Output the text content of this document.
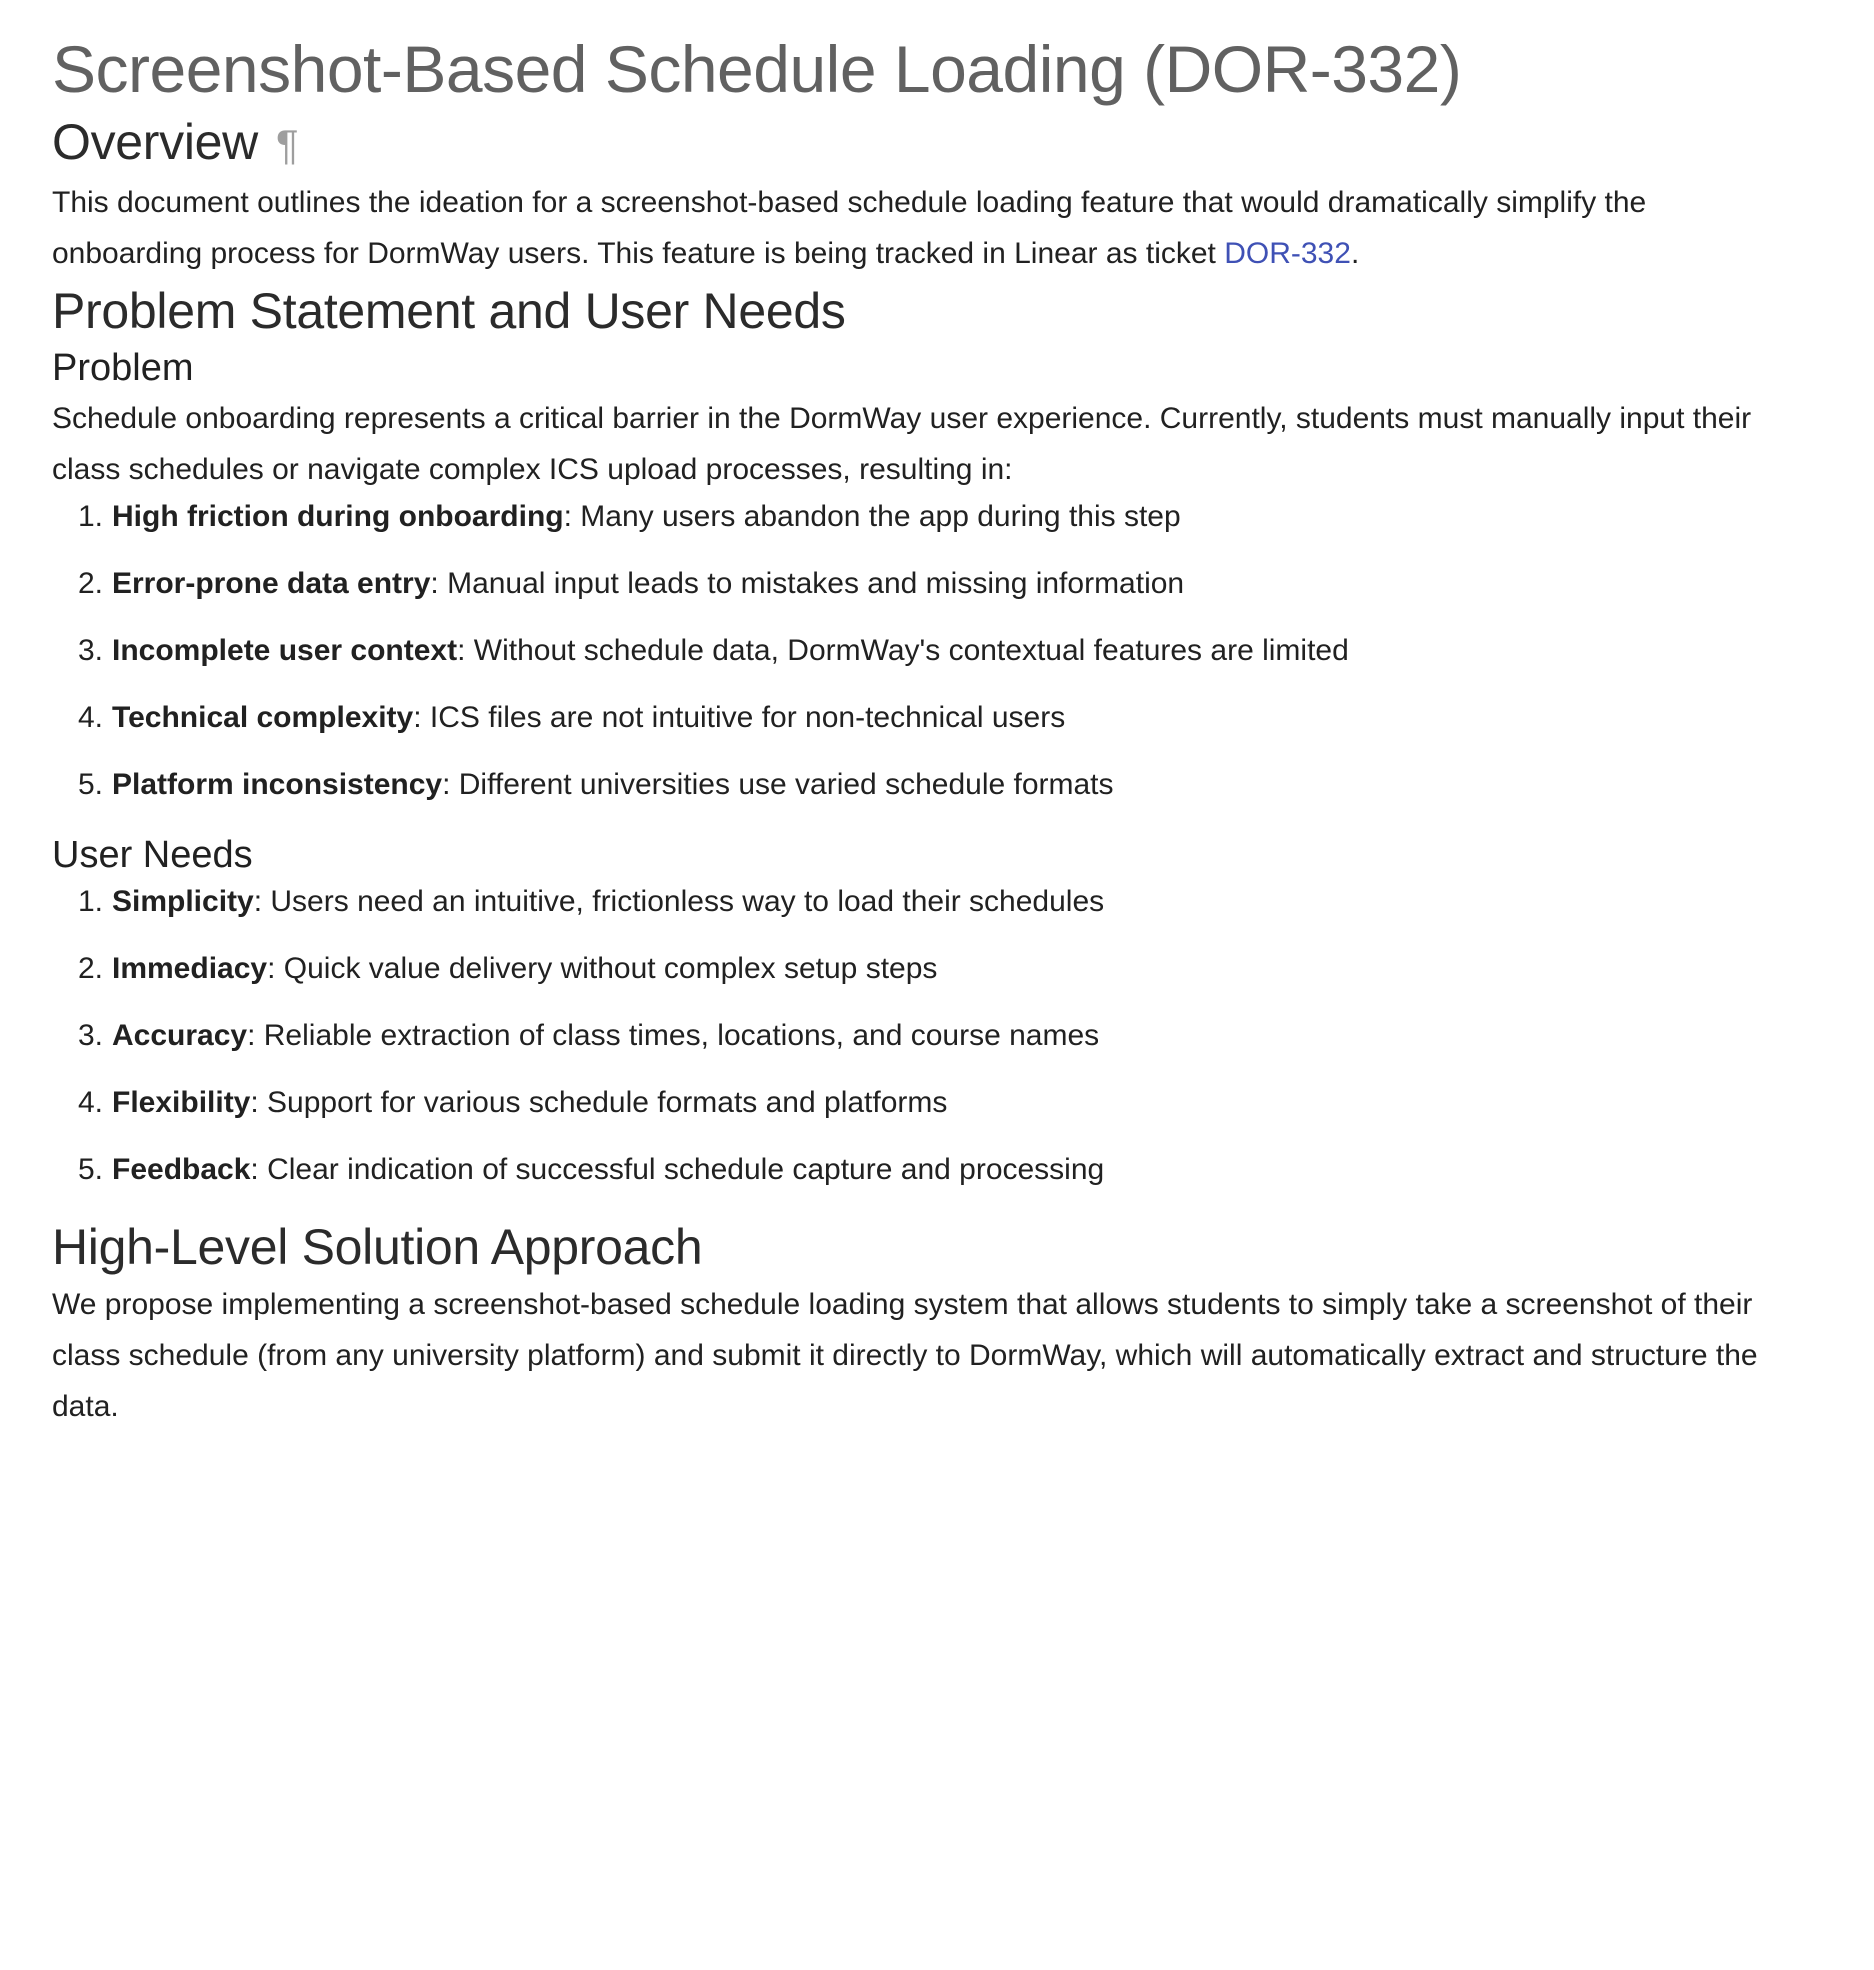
Screenshot-Based Schedule Loading (DOR-332)
Overview ¶

This document outlines the ideation for a screenshot-based schedule loading feature that would dramatically simplify the onboarding process for DormWay users. This feature is being tracked in Linear as ticket DOR-332.

Problem Statement and User Needs
Problem

Schedule onboarding represents a critical barrier in the DormWay user experience. Currently, students must manually input their class schedules or navigate complex ICS upload processes, resulting in:

1. High friction during onboarding: Many users abandon the app during this step
2. Error-prone data entry: Manual input leads to mistakes and missing information
3. Incomplete user context: Without schedule data, DormWay's contextual features are limited
4. Technical complexity: ICS files are not intuitive for non-technical users
5. Platform inconsistency: Different universities use varied schedule formats
User Needs
1. Simplicity: Users need an intuitive, frictionless way to load their schedules
2. Immediacy: Quick value delivery without complex setup steps
3. Accuracy: Reliable extraction of class times, locations, and course names
4. Flexibility: Support for various schedule formats and platforms
5. Feedback: Clear indication of successful schedule capture and processing
High-Level Solution Approach

We propose implementing a screenshot-based schedule loading system that allows students to simply take a screenshot of their class schedule (from any university platform) and submit it directly to DormWay, which will automatically extract and structure the data.
